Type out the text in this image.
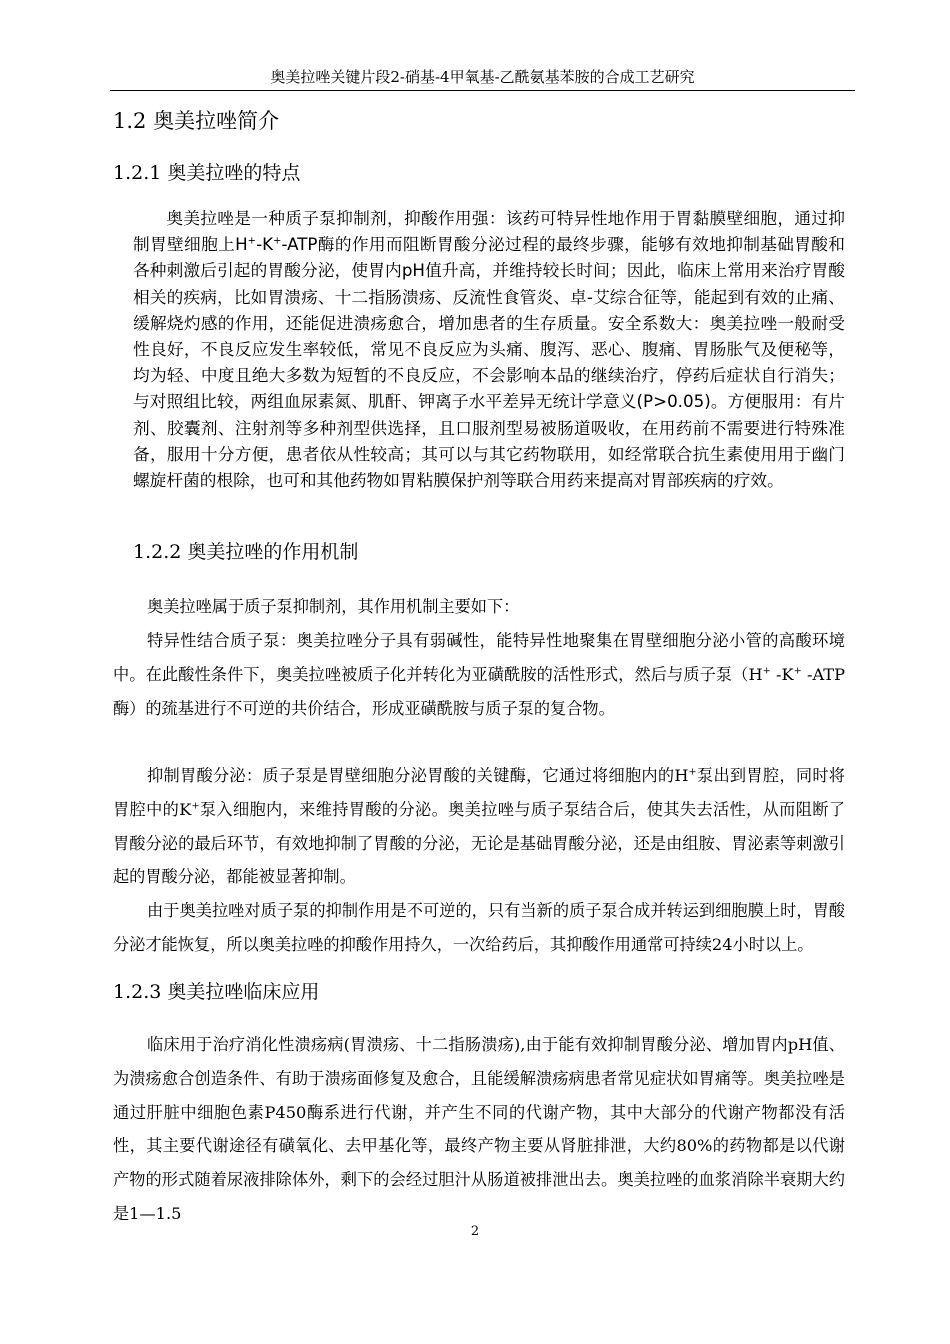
奥美拉唑关键片段2-硝基-4甲氧基-乙酰氨基苯胺的合成工艺研究
1.2 奥美拉唑简介
1.2.1 奥美拉唑的特点

奥美拉唑是一种质子泵抑制剂，抑酸作用强：该药可特异性地作用于胃黏膜壁细胞，通过抑制胃壁细胞上H+-K+-ATP酶的作用而阻断胃酸分泌过程的最终步骤，能够有效地抑制基础胃酸和各种刺激后引起的胃酸分泌，使胃内pH值升高，并维持较长时间；因此，临床上常用来治疗胃酸相关的疾病，比如胃溃疡、十二指肠溃疡、反流性食管炎、卓-艾综合征等，能起到有效的止痛、缓解烧灼感的作用，还能促进溃疡愈合，增加患者的生存质量。安全系数大：奥美拉唑一般耐受性良好，不良反应发生率较低，常见不良反应为头痛、腹泻、恶心、腹痛、胃肠胀气及便秘等，均为轻、中度且绝大多数为短暂的不良反应，不会影响本品的继续治疗，停药后症状自行消失；与对照组比较，两组血尿素氮、肌酐、钾离子水平差异无统计学意义(P>0.05)。方便服用：有片剂、胶囊剂、注射剂等多种剂型供选择，且口服剂型易被肠道吸收，在用药前不需要进行特殊准备，服用十分方便，患者依从性较高；其可以与其它药物联用，如经常联合抗生素使用用于幽门螺旋杆菌的根除，也可和其他药物如胃粘膜保护剂等联合用药来提高对胃部疾病的疗效。

1.2.2 奥美拉唑的作用机制

奥美拉唑属于质子泵抑制剂，其作用机制主要如下：

特异性结合质子泵：奥美拉唑分子具有弱碱性，能特异性地聚集在胃壁细胞分泌小管的高酸环境中。在此酸性条件下，奥美拉唑被质子化并转化为亚磺酰胺的活性形式，然后与质子泵（H+ -K+ -ATP酶）的巯基进行不可逆的共价结合，形成亚磺酰胺与质子泵的复合物。

抑制胃酸分泌：质子泵是胃壁细胞分泌胃酸的关键酶，它通过将细胞内的H+泵出到胃腔，同时将胃腔中的K+泵入细胞内，来维持胃酸的分泌。奥美拉唑与质子泵结合后，使其失去活性，从而阻断了胃酸分泌的最后环节，有效地抑制了胃酸的分泌，无论是基础胃酸分泌，还是由组胺、胃泌素等刺激引起的胃酸分泌，都能被显著抑制。

由于奥美拉唑对质子泵的抑制作用是不可逆的，只有当新的质子泵合成并转运到细胞膜上时，胃酸分泌才能恢复，所以奥美拉唑的抑酸作用持久，一次给药后，其抑酸作用通常可持续24小时以上。

1.2.3 奥美拉唑临床应用

临床用于治疗消化性溃疡病(胃溃疡、十二指肠溃疡),由于能有效抑制胃酸分泌、增加胃内pH值、为溃疡愈合创造条件、有助于溃疡面修复及愈合，且能缓解溃疡病患者常见症状如胃痛等。奥美拉唑是通过肝脏中细胞色素P450酶系进行代谢，并产生不同的代谢产物，其中大部分的代谢产物都没有活性，其主要代谢途径有磺氧化、去甲基化等，最终产物主要从肾脏排泄，大约80%的药物都是以代谢产物的形式随着尿液排除体外，剩下的会经过胆汁从肠道被排泄出去。奥美拉唑的血浆消除半衰期大约是1—1.5

2
